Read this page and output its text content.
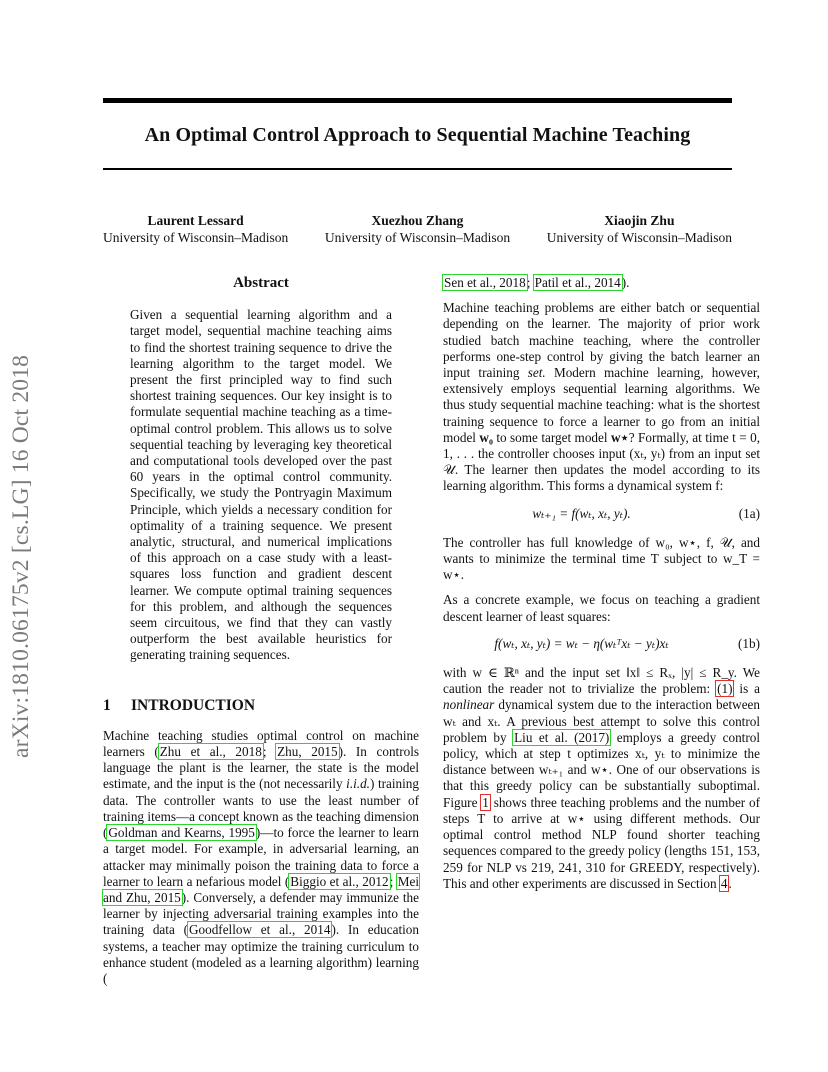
An Optimal Control Approach to Sequential Machine Teaching
Laurent Lessard
University of Wisconsin–Madison
Xuezhou Zhang
University of Wisconsin–Madison
Xiaojin Zhu
University of Wisconsin–Madison
arXiv:1810.06175v2 [cs.LG] 16 Oct 2018
Abstract

Given a sequential learning algorithm and a target model, sequential machine teaching aims to find the shortest training sequence to drive the learning algorithm to the target model. We present the first principled way to find such shortest training sequences. Our key insight is to formulate sequential machine teaching as a time-optimal control problem. This allows us to solve sequential teaching by leveraging key theoretical and computational tools developed over the past 60 years in the optimal control community. Specifically, we study the Pontryagin Maximum Principle, which yields a necessary condition for optimality of a training sequence. We present analytic, structural, and numerical implications of this approach on a case study with a least-squares loss function and gradient descent learner. We compute optimal training sequences for this problem, and although the sequences seem circuitous, we find that they can vastly outperform the best available heuristics for generating training sequences.

1	INTRODUCTION

Machine teaching studies optimal control on machine learners (Zhu et al., 2018; Zhu, 2015). In controls language the plant is the learner, the state is the model estimate, and the input is the (not necessarily i.i.d.) training data. The controller wants to use the least number of training items—a concept known as the teaching dimension (Goldman and Kearns, 1995)—to force the learner to learn a target model. For example, in adversarial learning, an attacker may minimally poison the training data to force a learner to learn a nefarious model (Biggio et al., 2012; Mei and Zhu, 2015). Conversely, a defender may immunize the learner by injecting adversarial training examples into the training data (Goodfellow et al., 2014). In education systems, a teacher may optimize the training curriculum to enhance student (modeled as a learning algorithm) learning (

Sen et al., 2018; Patil et al., 2014).

Machine teaching problems are either batch or sequential depending on the learner. The majority of prior work studied batch machine teaching, where the controller performs one-step control by giving the batch learner an input training set. Modern machine learning, however, extensively employs sequential learning algorithms. We thus study sequential machine teaching: what is the shortest training sequence to force a learner to go from an initial model w₀ to some target model w⋆? Formally, at time t = 0, 1, . . . the controller chooses input (xₜ, yₜ) from an input set 𝒰. The learner then updates the model according to its learning algorithm. This forms a dynamical system f:

wₜ₊₁ = f(wₜ, xₜ, yₜ).	(1a)

The controller has full knowledge of w₀, w⋆, f, 𝒰, and wants to minimize the terminal time T subject to w_T = w⋆.

As a concrete example, we focus on teaching a gradient descent learner of least squares:

f(wₜ, xₜ, yₜ) = wₜ − η(wₜᵀxₜ − yₜ)xₜ	(1b)

with w ∈ ℝⁿ and the input set ‖x‖ ≤ Rₓ, |y| ≤ R_y. We caution the reader not to trivialize the problem: (1) is a nonlinear dynamical system due to the interaction between wₜ and xₜ. A previous best attempt to solve this control problem by Liu et al. (2017) employs a greedy control policy, which at step t optimizes xₜ, yₜ to minimize the distance between wₜ₊₁ and w⋆. One of our observations is that this greedy policy can be substantially suboptimal. Figure 1 shows three teaching problems and the number of steps T to arrive at w⋆ using different methods. Our optimal control method NLP found shorter teaching sequences compared to the greedy policy (lengths 151, 153, 259 for NLP vs 219, 241, 310 for GREEDY, respectively). This and other experiments are discussed in Section 4.
